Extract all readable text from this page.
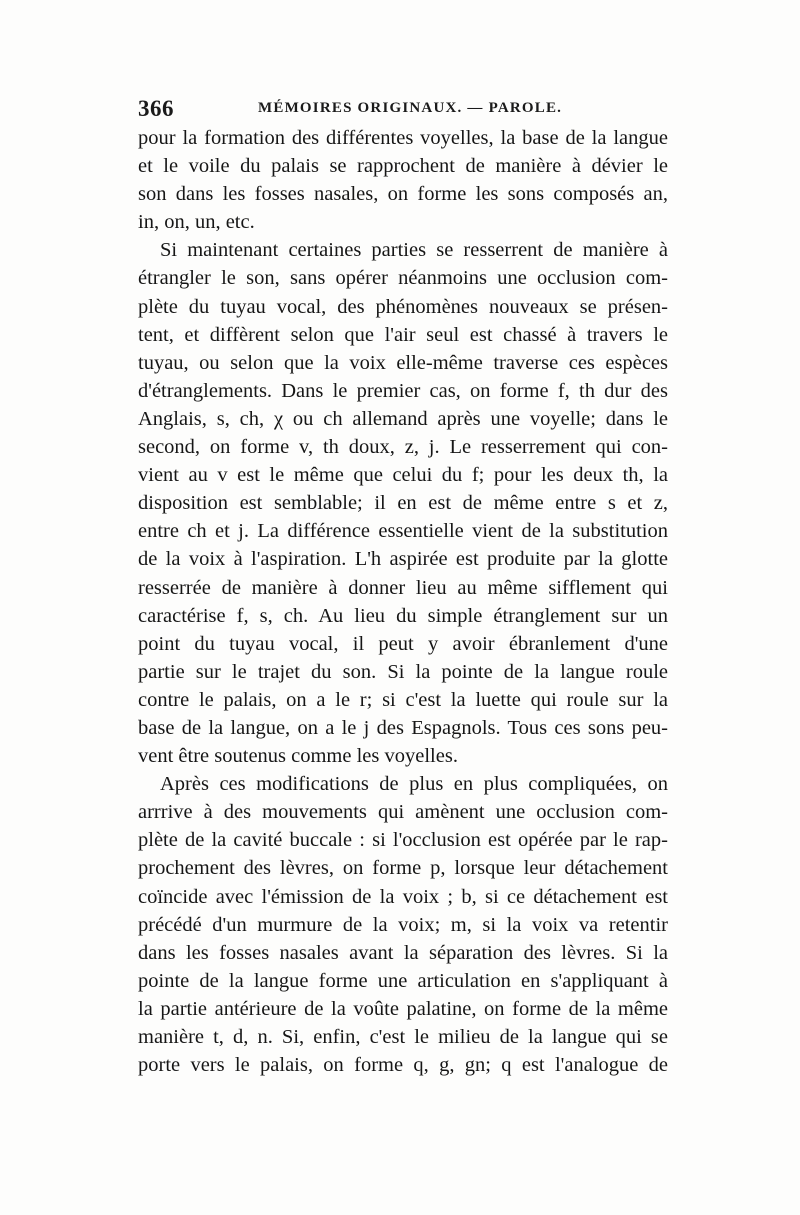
366	MÉMOIRES ORIGINAUX. — PAROLE.
pour la formation des différentes voyelles, la base de la langue
et le voile du palais se rapprochent de manière à dévier le
son dans les fosses nasales, on forme les sons composés an,
in, on, un, etc.
Si maintenant certaines parties se resserrent de manière à
étrangler le son, sans opérer néanmoins une occlusion com-
plète du tuyau vocal, des phénomènes nouveaux se présen-
tent, et diffèrent selon que l'air seul est chassé à travers le
tuyau, ou selon que la voix elle-même traverse ces espèces
d'étranglements. Dans le premier cas, on forme f, th dur des
Anglais, s, ch, χ ou ch allemand après une voyelle; dans le
second, on forme v, th doux, z, j. Le resserrement qui con-
vient au v est le même que celui du f; pour les deux th, la
disposition est semblable; il en est de même entre s et z,
entre ch et j. La différence essentielle vient de la substitution
de la voix à l'aspiration. L'h aspirée est produite par la glotte
resserrée de manière à donner lieu au même sifflement qui
caractérise f, s, ch. Au lieu du simple étranglement sur un
point du tuyau vocal, il peut y avoir ébranlement d'une
partie sur le trajet du son. Si la pointe de la langue roule
contre le palais, on a le r; si c'est la luette qui roule sur la
base de la langue, on a le j des Espagnols. Tous ces sons peu-
vent être soutenus comme les voyelles.
Après ces modifications de plus en plus compliquées, on
arrrive à des mouvements qui amènent une occlusion com-
plète de la cavité buccale : si l'occlusion est opérée par le rap-
prochement des lèvres, on forme p, lorsque leur détachement
coïncide avec l'émission de la voix ; b, si ce détachement est
précédé d'un murmure de la voix; m, si la voix va retentir
dans les fosses nasales avant la séparation des lèvres. Si la
pointe de la langue forme une articulation en s'appliquant à
la partie antérieure de la voûte palatine, on forme de la même
manière t, d, n. Si, enfin, c'est le milieu de la langue qui se
porte vers le palais, on forme q, g, gn; q est l'analogue de
